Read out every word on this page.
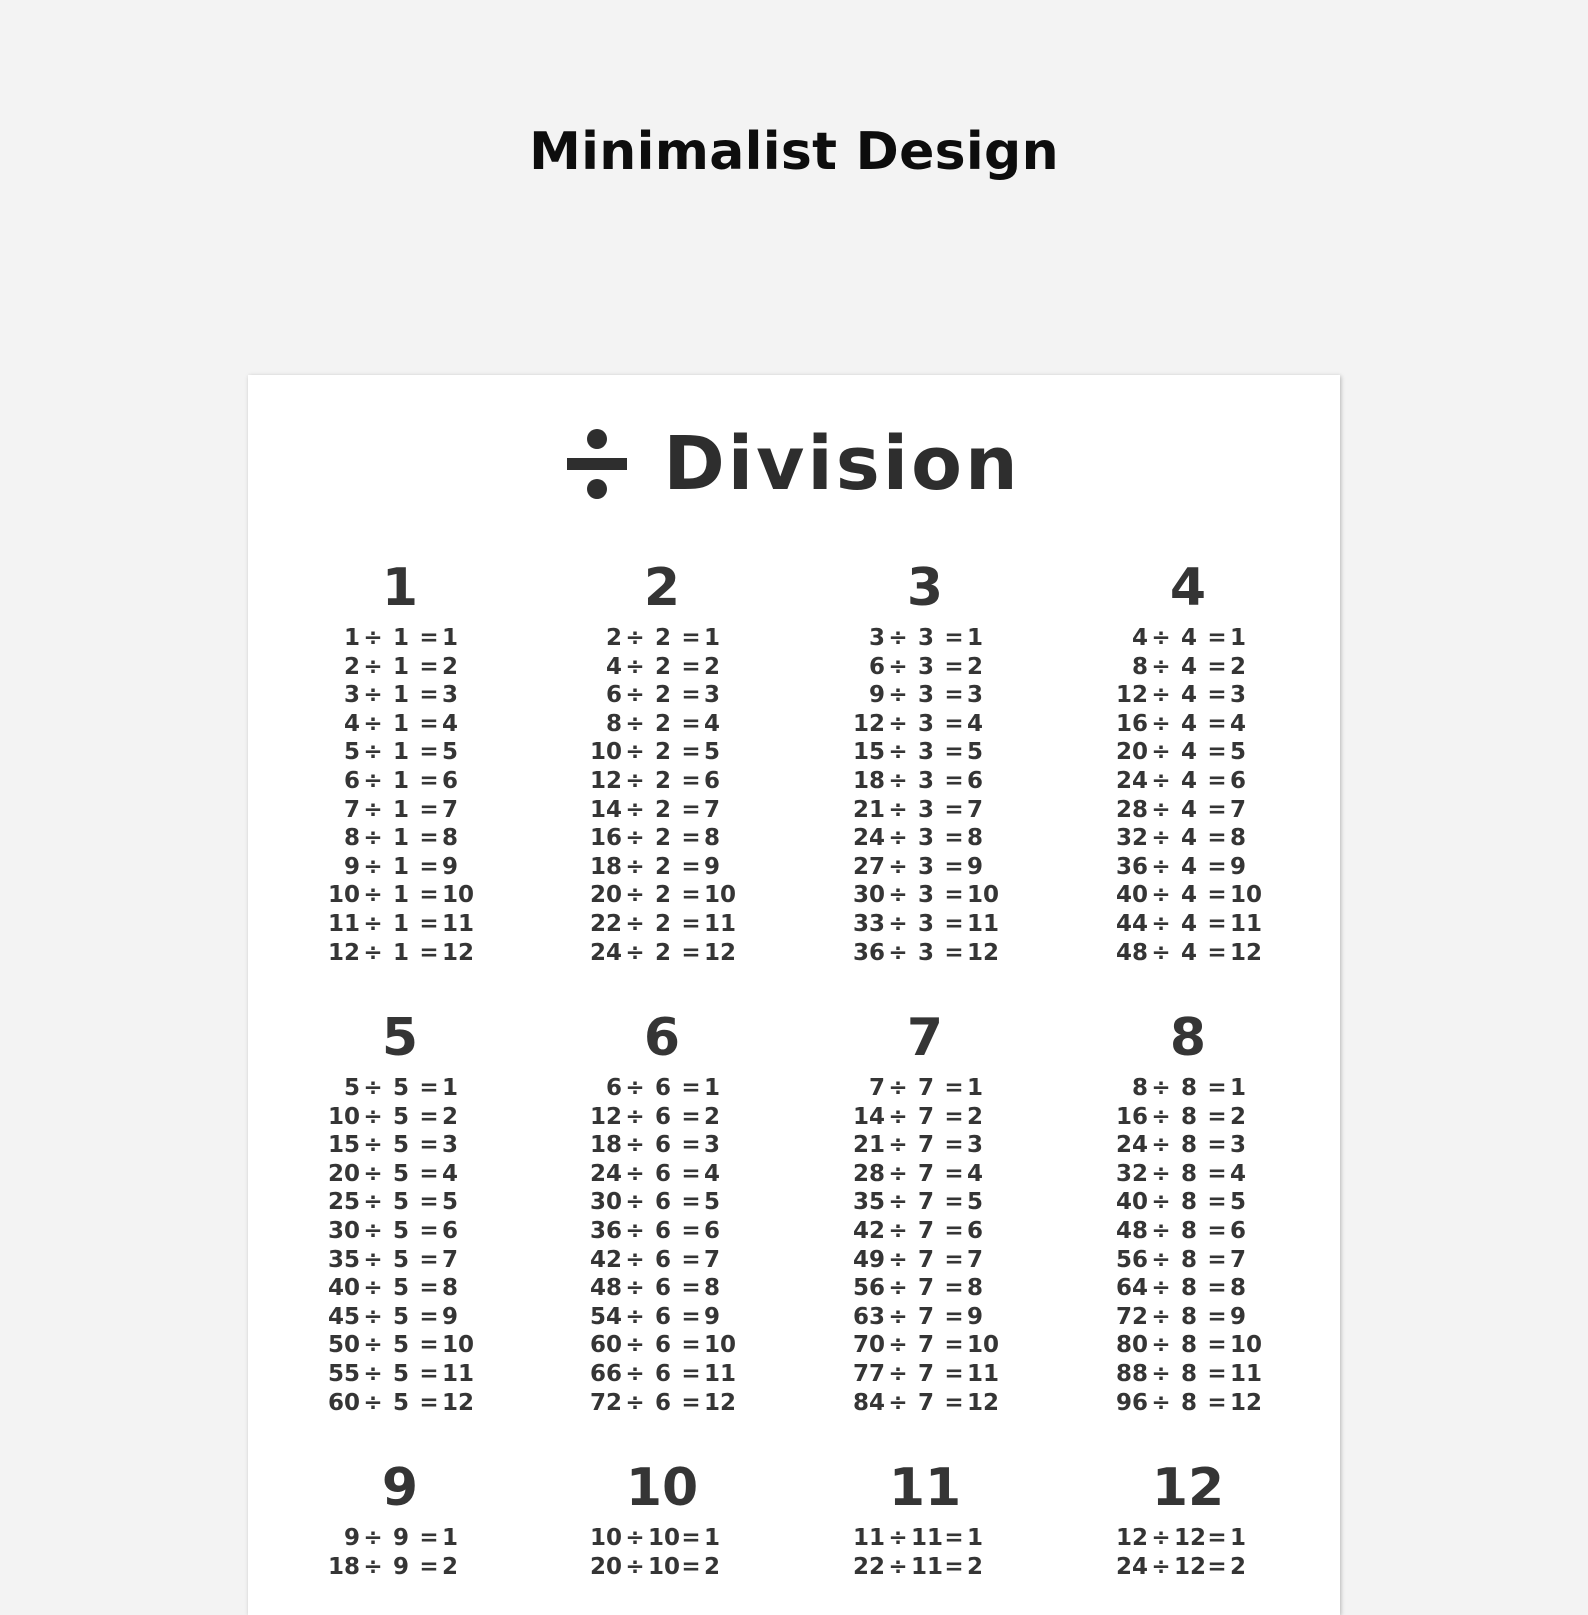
Minimalist Design
Division
1
1 ÷ 1 = 1
2 ÷ 1 = 2
3 ÷ 1 = 3
4 ÷ 1 = 4
5 ÷ 1 = 5
6 ÷ 1 = 6
7 ÷ 1 = 7
8 ÷ 1 = 8
9 ÷ 1 = 9
10 ÷ 1 = 10
11 ÷ 1 = 11
12 ÷ 1 = 12
2
2 ÷ 2 = 1
4 ÷ 2 = 2
6 ÷ 2 = 3
8 ÷ 2 = 4
10 ÷ 2 = 5
12 ÷ 2 = 6
14 ÷ 2 = 7
16 ÷ 2 = 8
18 ÷ 2 = 9
20 ÷ 2 = 10
22 ÷ 2 = 11
24 ÷ 2 = 12
3
3 ÷ 3 = 1
6 ÷ 3 = 2
9 ÷ 3 = 3
12 ÷ 3 = 4
15 ÷ 3 = 5
18 ÷ 3 = 6
21 ÷ 3 = 7
24 ÷ 3 = 8
27 ÷ 3 = 9
30 ÷ 3 = 10
33 ÷ 3 = 11
36 ÷ 3 = 12
4
4 ÷ 4 = 1
8 ÷ 4 = 2
12 ÷ 4 = 3
16 ÷ 4 = 4
20 ÷ 4 = 5
24 ÷ 4 = 6
28 ÷ 4 = 7
32 ÷ 4 = 8
36 ÷ 4 = 9
40 ÷ 4 = 10
44 ÷ 4 = 11
48 ÷ 4 = 12
5
5 ÷ 5 = 1
10 ÷ 5 = 2
15 ÷ 5 = 3
20 ÷ 5 = 4
25 ÷ 5 = 5
30 ÷ 5 = 6
35 ÷ 5 = 7
40 ÷ 5 = 8
45 ÷ 5 = 9
50 ÷ 5 = 10
55 ÷ 5 = 11
60 ÷ 5 = 12
6
6 ÷ 6 = 1
12 ÷ 6 = 2
18 ÷ 6 = 3
24 ÷ 6 = 4
30 ÷ 6 = 5
36 ÷ 6 = 6
42 ÷ 6 = 7
48 ÷ 6 = 8
54 ÷ 6 = 9
60 ÷ 6 = 10
66 ÷ 6 = 11
72 ÷ 6 = 12
7
7 ÷ 7 = 1
14 ÷ 7 = 2
21 ÷ 7 = 3
28 ÷ 7 = 4
35 ÷ 7 = 5
42 ÷ 7 = 6
49 ÷ 7 = 7
56 ÷ 7 = 8
63 ÷ 7 = 9
70 ÷ 7 = 10
77 ÷ 7 = 11
84 ÷ 7 = 12
8
8 ÷ 8 = 1
16 ÷ 8 = 2
24 ÷ 8 = 3
32 ÷ 8 = 4
40 ÷ 8 = 5
48 ÷ 8 = 6
56 ÷ 8 = 7
64 ÷ 8 = 8
72 ÷ 8 = 9
80 ÷ 8 = 10
88 ÷ 8 = 11
96 ÷ 8 = 12
9
9 ÷ 9 = 1
18 ÷ 9 = 2
10
10 ÷ 10 = 1
20 ÷ 10 = 2
11
11 ÷ 11 = 1
22 ÷ 11 = 2
12
12 ÷ 12 = 1
24 ÷ 12 = 2
